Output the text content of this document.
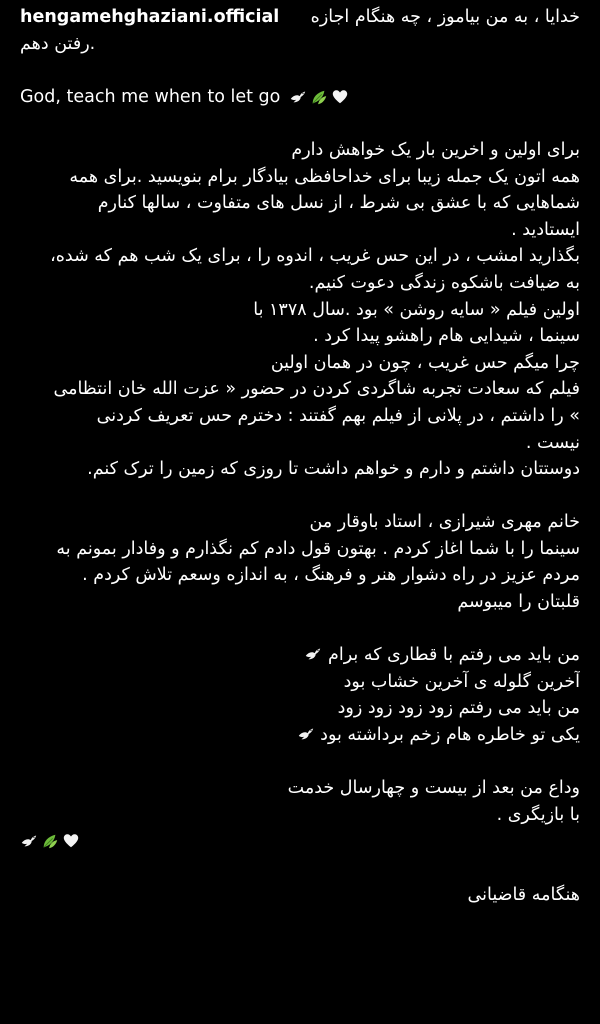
hengamehghaziani.official	خدایا ، به من بیاموز ، چه هنگام اجازه
رفتن دهم.
God, teach me when to let go
برای اولین و اخرین بار یک خواهش دارم
همه اتون یک جمله زیبا برای خداحافظی بیادگار برام بنویسید .برای همه
شماهایی که با عشق بی شرط ، از نسل های متفاوت ، سالها کنارم
ایستادید .
بگذارید امشب ، در این حس غریب ، اندوه را ، برای یک شب هم که شده،
به ضیافت باشکوه زندگی دعوت کنیم.
اولین فیلم « سایه روشن » بود .سال ۱۳۷۸ با
سینما ، شیدایی هام راهشو پیدا کرد .
چرا میگم حس غریب ، چون در همان اولین
فیلم که سعادت تجربه شاگردی کردن در حضور « عزت الله خان انتظامی
» را داشتم ، در پلانی از فیلم بهم گفتند : دخترم حس تعریف کردنی
نیست .
دوستتان داشتم و دارم و خواهم داشت تا روزی که زمین را ترک کنم.
خانم مهری شیرازی ، استاد باوقار من
سینما را با شما اغاز کردم . بهتون قول دادم کم نگذارم و وفادار بمونم به
مردم عزیز در راه دشوار هنر و فرهنگ ، به اندازه وسعم تلاش کردم .
قلبتان را میبوسم
من باید می رفتم با قطاری که برام
آخرین گلوله ی آخرین خشاب بود
من باید می رفتم زود زود زود زود
یکی تو خاطره هام زخم برداشته بود
وداع من بعد از بیست و چهارسال خدمت
با بازیگری .
هنگامه قاضیانی
